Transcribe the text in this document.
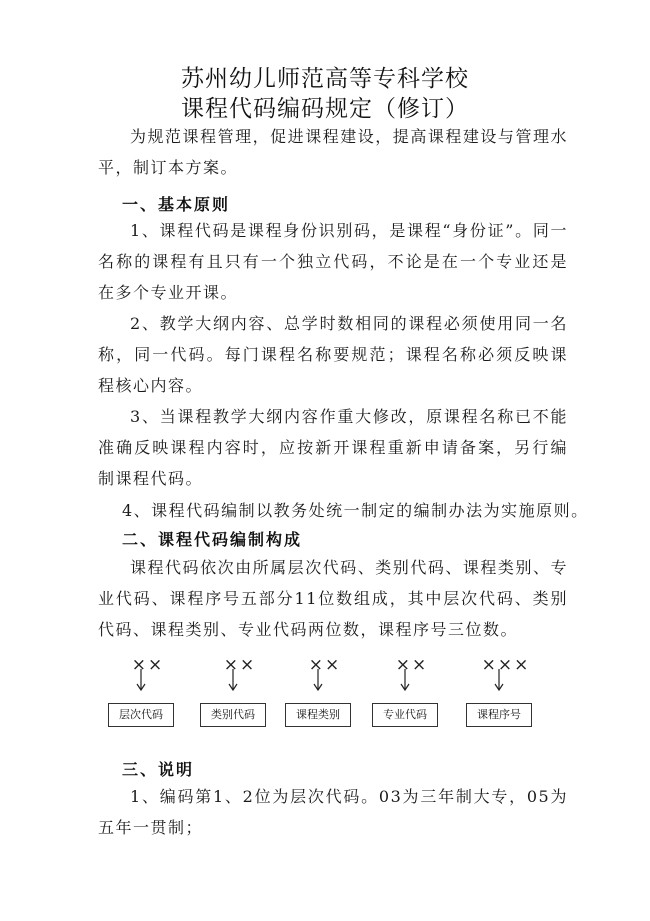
苏州幼儿师范高等专科学校
课程代码编码规定（修订）

为规范课程管理，促进课程建设，提高课程建设与管理水平，制订本方案。

一、基本原则

1、课程代码是课程身份识别码，是课程“身份证”。同一名称的课程有且只有一个独立代码，不论是在一个专业还是在多个专业开课。

2、教学大纲内容、总学时数相同的课程必须使用同一名称，同一代码。每门课程名称要规范；课程名称必须反映课程核心内容。

3、当课程教学大纲内容作重大修改，原课程名称已不能准确反映课程内容时，应按新开课程重新申请备案，另行编制课程代码。

4、课程代码编制以教务处统一制定的编制办法为实施原则。
二、课程代码编制构成

课程代码依次由所属层次代码、类别代码、课程类别、专业代码、课程序号五部分11位数组成，其中层次代码、类别代码、课程类别、专业代码两位数，课程序号三位数。

××
层次代码
××
类别代码
××
课程类别
××
专业代码
×××
课程序号
三、说明

1、编码第1、2位为层次代码。03为三年制大专，05为五年一贯制；
